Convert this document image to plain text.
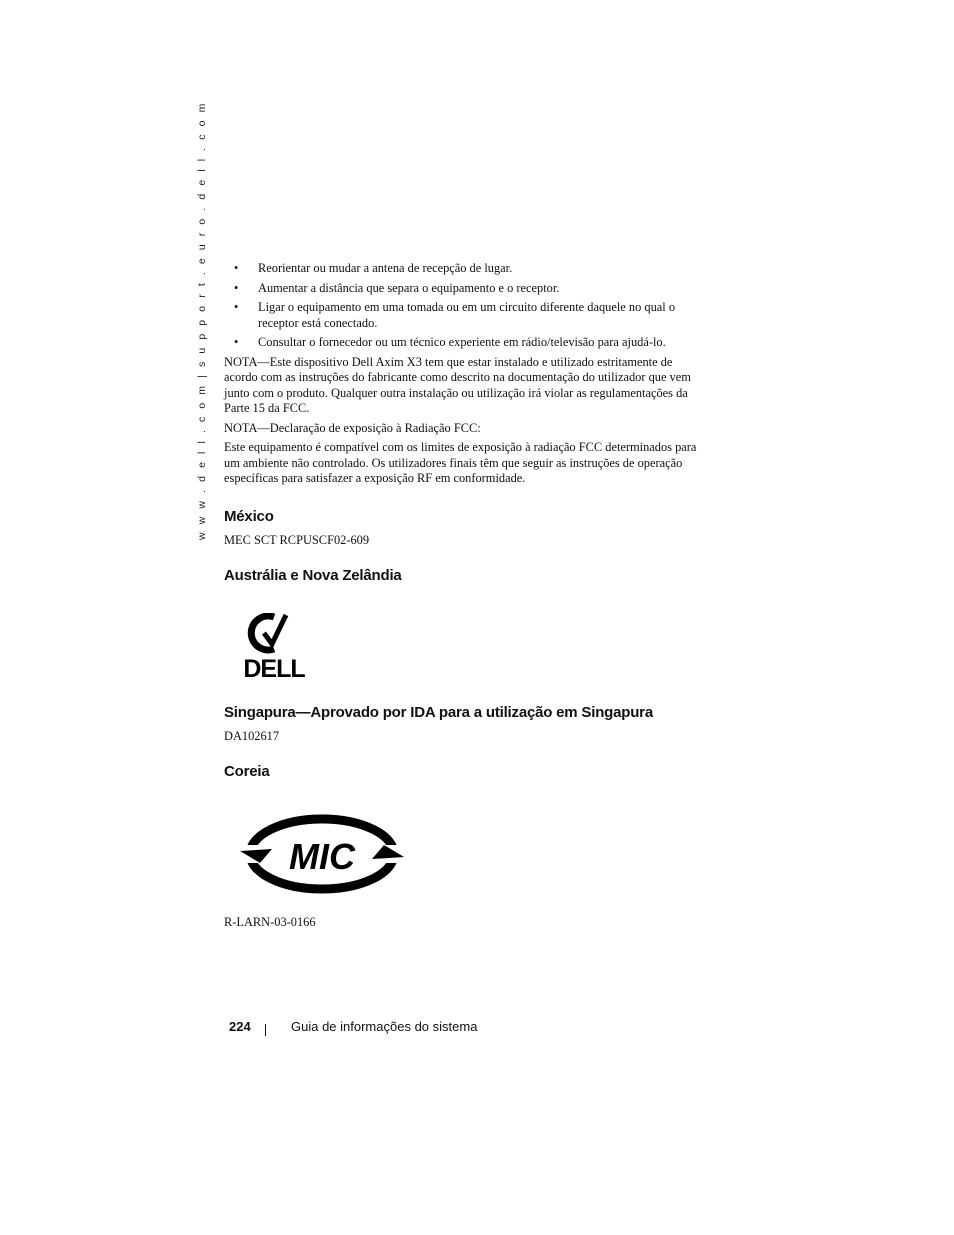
w w w . d e l l . c o m | s u p p o r t . e u r o . d e l l . c o m	• Reorientar ou mudar a antena de recepção de lugar.
• Aumentar a distância que separa o equipamento e o receptor.
• Ligar o equipamento em uma tomada ou em um circuito diferente daquele no qual o receptor está conectado.
• Consultar o fornecedor ou um técnico experiente em rádio/televisão para ajudá-lo.

NOTA—Este dispositivo Dell Axim X3 tem que estar instalado e utilizado estritamente de acordo com as instruções do fabricante como descrito na documentação do utilizador que vem junto com o produto. Qualquer outra instalação ou utilização irá violar as regulamentações da Parte 15 da FCC.

NOTA—Declaração de exposição à Radiação FCC:

Este equipamento é compatível com os limites de exposição à radiação FCC determinados para um ambiente não controlado. Os utilizadores finais têm que seguir as instruções de operação específicas para satisfazer a exposição RF em conformidade.

México
MEC SCT RCPUSCF02-609
Austrália e Nova Zelândia
DELL
Singapura—Aprovado por IDA para a utilização em Singapura
DA102617
Coreia
MIC
R-LARN-03-0166
224	Guia de informações do sistema
